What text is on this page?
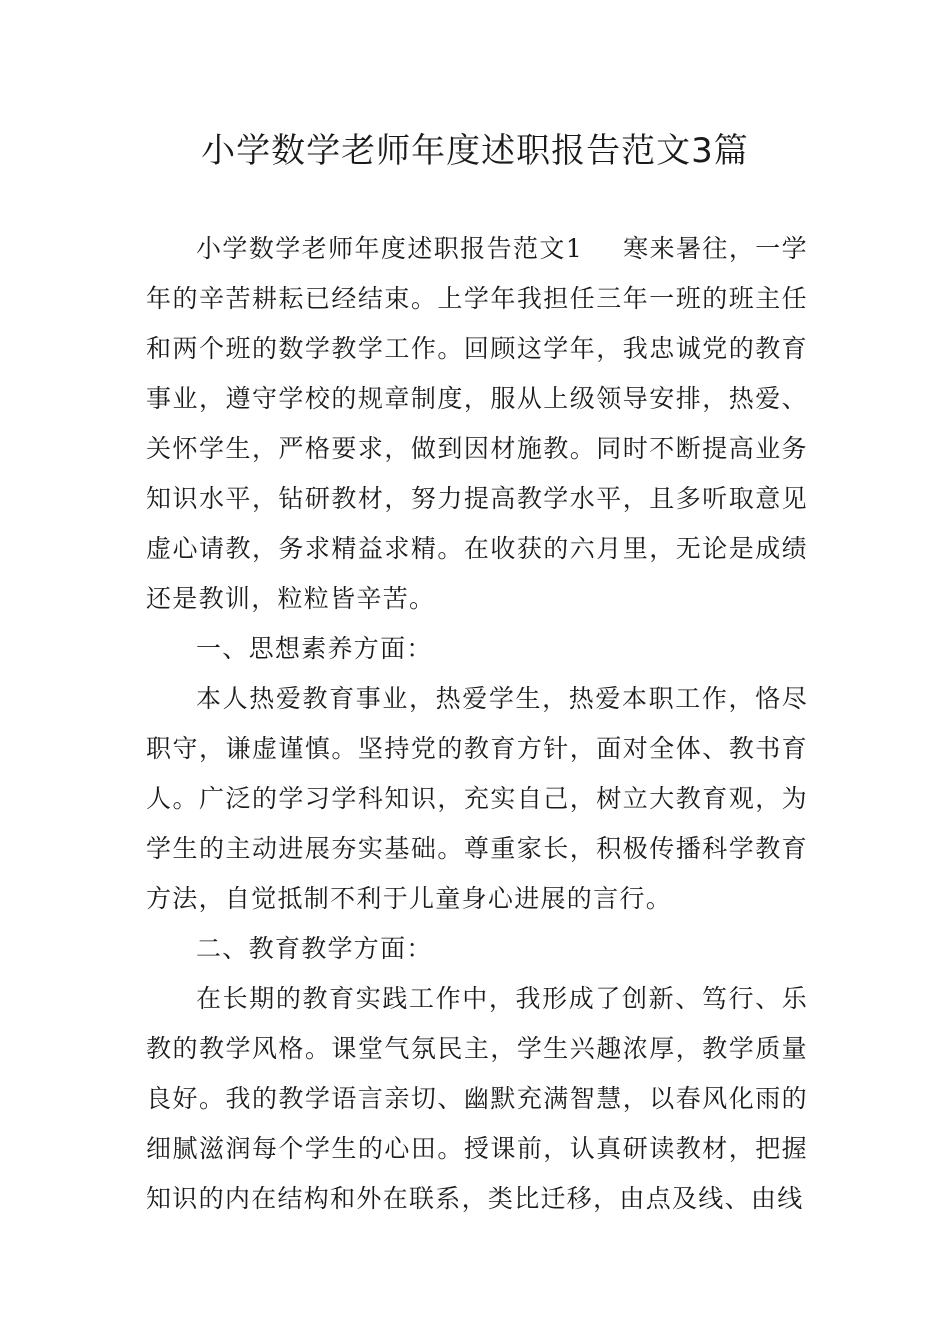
小学数学老师年度述职报告范文3篇

小学数学老师年度述职报告范文1 寒来暑往，一学年的辛苦耕耘已经结束。上学年我担任三年一班的班主任和两个班的数学教学工作。回顾这学年，我忠诚党的教育事业，遵守学校的规章制度，服从上级领导安排，热爱、关怀学生，严格要求，做到因材施教。同时不断提高业务知识水平，钻研教材，努力提高教学水平，且多听取意见虚心请教，务求精益求精。在收获的六月里，无论是成绩还是教训，粒粒皆辛苦。

一、思想素养方面：

本人热爱教育事业，热爱学生，热爱本职工作，恪尽职守，谦虚谨慎。坚持党的教育方针，面对全体、教书育人。广泛的学习学科知识，充实自己，树立大教育观，为学生的主动进展夯实基础。尊重家长，积极传播科学教育方法，自觉抵制不利于儿童身心进展的言行。

二、教育教学方面：

在长期的教育实践工作中，我形成了创新、笃行、乐教的教学风格。课堂气氛民主，学生兴趣浓厚，教学质量良好。我的教学语言亲切、幽默充满智慧，以春风化雨的细腻滋润每个学生的心田。授课前，认真研读教材，把握知识的内在结构和外在联系，类比迁移，由点及线、由线
